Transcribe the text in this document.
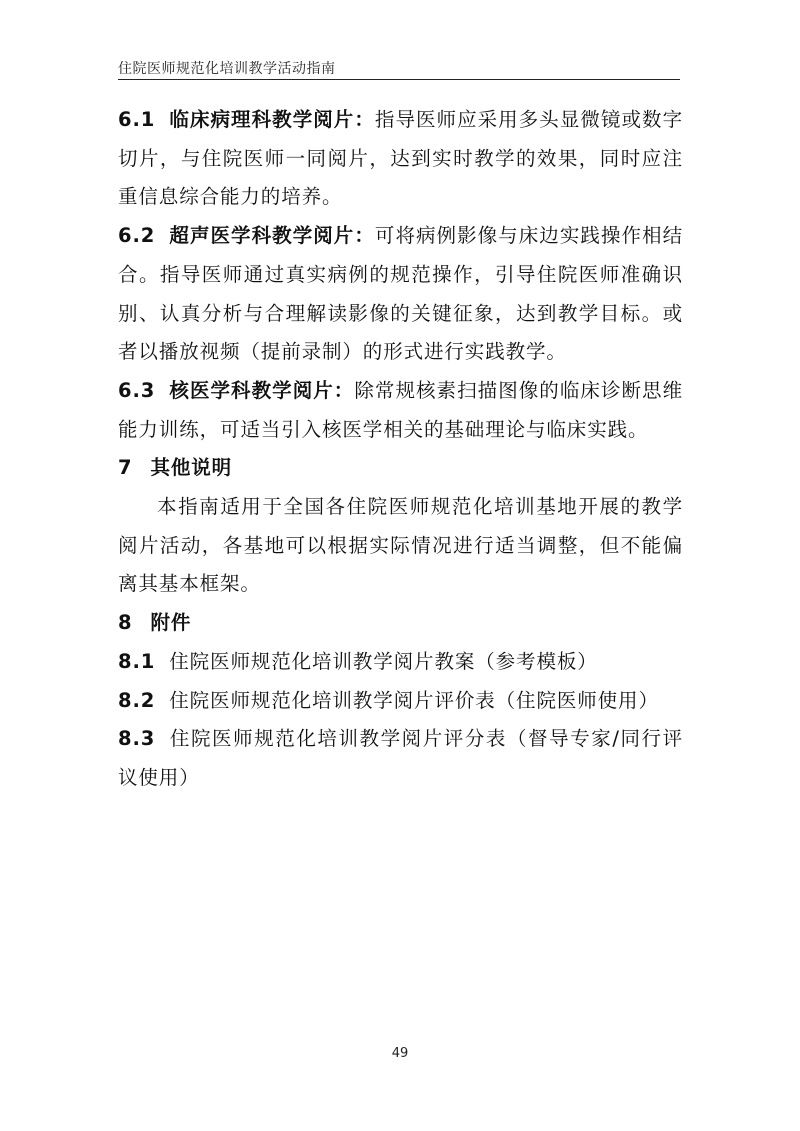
住院医师规范化培训教学活动指南

6.1 临床病理科教学阅片：指导医师应采用多头显微镜或数字切片，与住院医师一同阅片，达到实时教学的效果，同时应注重信息综合能力的培养。

6.2 超声医学科教学阅片：可将病例影像与床边实践操作相结合。指导医师通过真实病例的规范操作，引导住院医师准确识别、认真分析与合理解读影像的关键征象，达到教学目标。或者以播放视频（提前录制）的形式进行实践教学。

6.3 核医学科教学阅片：除常规核素扫描图像的临床诊断思维能力训练，可适当引入核医学相关的基础理论与临床实践。

7 其他说明

本指南适用于全国各住院医师规范化培训基地开展的教学阅片活动，各基地可以根据实际情况进行适当调整，但不能偏离其基本框架。

8 附件

8.1 住院医师规范化培训教学阅片教案（参考模板）

8.2 住院医师规范化培训教学阅片评价表（住院医师使用）

8.3 住院医师规范化培训教学阅片评分表（督导专家/同行评议使用）

49
